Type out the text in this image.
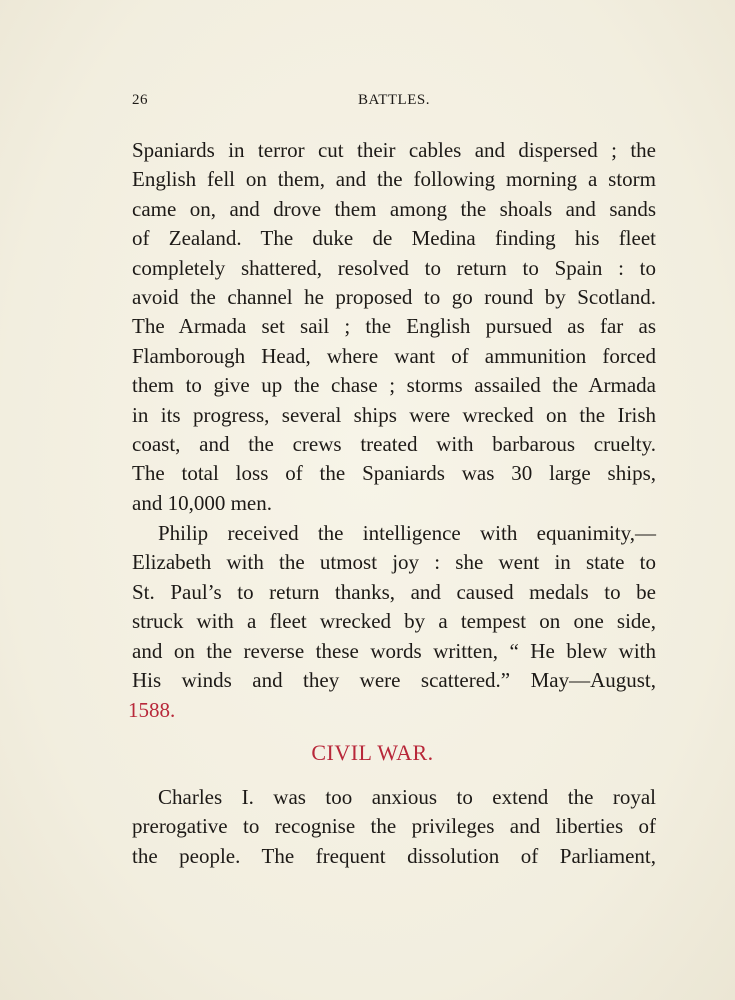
26	BATTLES.
Spaniards in terror cut their cables and dispersed ; the
English fell on them, and the following morning a storm
came on, and drove them among the shoals and sands
of Zealand. The duke de Medina finding his fleet
completely shattered, resolved to return to Spain : to
avoid the channel he proposed to go round by Scotland.
The Armada set sail ; the English pursued as far as
Flamborough Head, where want of ammunition forced
them to give up the chase ; storms assailed the Armada
in its progress, several ships were wrecked on the Irish
coast, and the crews treated with barbarous cruelty.
The total loss of the Spaniards was 30 large ships,
and 10,000 men.
Philip received the intelligence with equanimity,—
Elizabeth with the utmost joy : she went in state to
St. Paul’s to return thanks, and caused medals to be
struck with a fleet wrecked by a tempest on one side,
and on the reverse these words written, “ He blew with
His winds and they were scattered.” May—August,
1588.
CIVIL WAR.
Charles I. was too anxious to extend the royal
prerogative to recognise the privileges and liberties of
the people. The frequent dissolution of Parliament,
